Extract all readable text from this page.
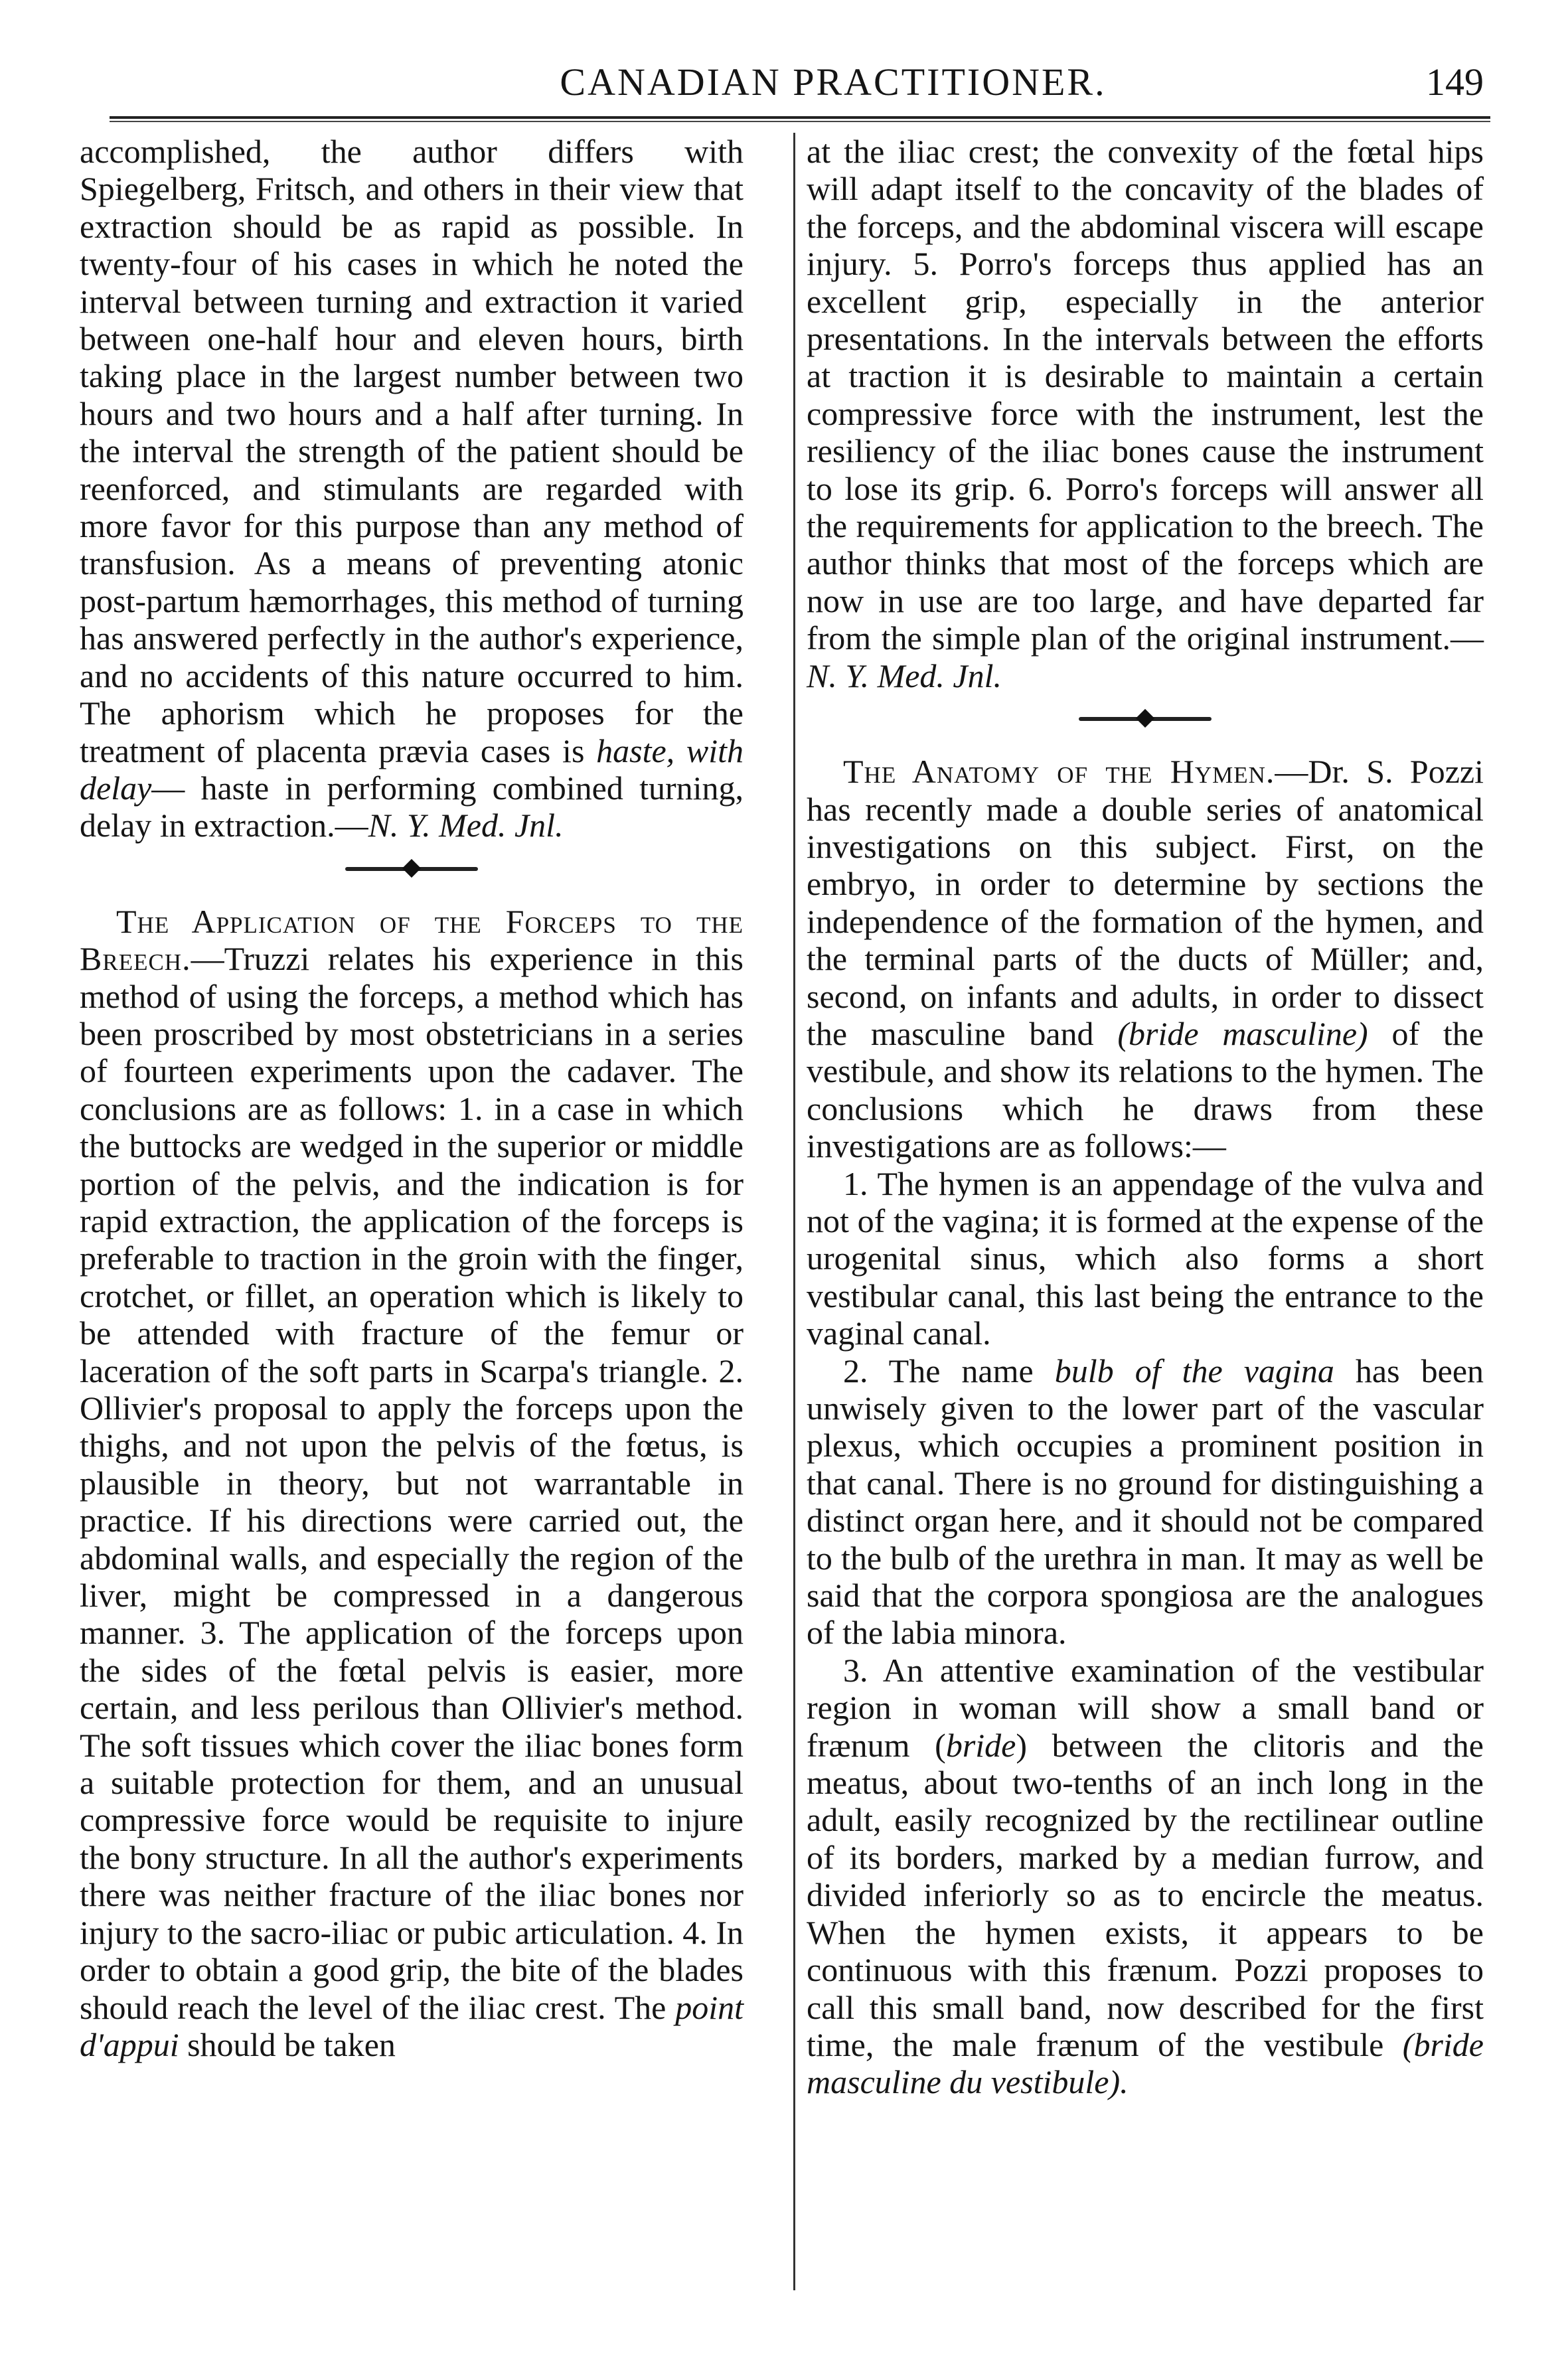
CANADIAN PRACTITIONER.	149

accomplished, the author differs with Spiegelberg, Fritsch, and others in their view that extraction should be as rapid as possible. In twenty-four of his cases in which he noted the interval between turning and extraction it varied between one-half hour and eleven hours, birth taking place in the largest number between two hours and two hours and a half after turning. In the interval the strength of the patient should be reenforced, and stimulants are regarded with more favor for this purpose than any method of transfusion. As a means of preventing atonic post-partum hæmorrhages, this method of turning has answered perfectly in the author's experience, and no accidents of this nature occurred to him. The aphorism which he proposes for the treatment of placenta prævia cases is haste, with delay— haste in performing combined turning, delay in extraction.—N. Y. Med. Jnl.

The Application of the Forceps to the Breech.—Truzzi relates his experience in this method of using the forceps, a method which has been proscribed by most obstetricians in a series of fourteen experiments upon the cadaver. The conclusions are as follows: 1. in a case in which the buttocks are wedged in the superior or middle portion of the pelvis, and the indication is for rapid extraction, the application of the forceps is preferable to traction in the groin with the finger, crotchet, or fillet, an operation which is likely to be attended with fracture of the femur or laceration of the soft parts in Scarpa's triangle. 2. Ollivier's proposal to apply the forceps upon the thighs, and not upon the pelvis of the fœtus, is plausible in theory, but not warrantable in practice. If his directions were carried out, the abdominal walls, and especially the region of the liver, might be compressed in a dangerous manner. 3. The application of the forceps upon the sides of the fœtal pelvis is easier, more certain, and less perilous than Ollivier's method. The soft tissues which cover the iliac bones form a suitable protection for them, and an unusual compressive force would be requisite to injure the bony structure. In all the author's experiments there was neither fracture of the iliac bones nor injury to the sacro-iliac or pubic articulation. 4. In order to obtain a good grip, the bite of the blades should reach the level of the iliac crest. The point d'appui should be taken

at the iliac crest; the convexity of the fœtal hips will adapt itself to the concavity of the blades of the forceps, and the abdominal viscera will escape injury. 5. Porro's forceps thus applied has an excellent grip, especially in the anterior presentations. In the intervals between the efforts at traction it is desirable to maintain a certain compressive force with the instrument, lest the resiliency of the iliac bones cause the instrument to lose its grip. 6. Porro's forceps will answer all the requirements for application to the breech. The author thinks that most of the forceps which are now in use are too large, and have departed far from the simple plan of the original instrument.—N. Y. Med. Jnl.

The Anatomy of the Hymen.—Dr. S. Pozzi has recently made a double series of anatomical investigations on this subject. First, on the embryo, in order to determine by sections the independence of the formation of the hymen, and the terminal parts of the ducts of Müller; and, second, on infants and adults, in order to dissect the masculine band (bride masculine) of the vestibule, and show its relations to the hymen. The conclusions which he draws from these investigations are as follows:—

1. The hymen is an appendage of the vulva and not of the vagina; it is formed at the expense of the urogenital sinus, which also forms a short vestibular canal, this last being the entrance to the vaginal canal.

2. The name bulb of the vagina has been unwisely given to the lower part of the vascular plexus, which occupies a prominent position in that canal. There is no ground for distinguishing a distinct organ here, and it should not be compared to the bulb of the urethra in man. It may as well be said that the corpora spongiosa are the analogues of the labia minora.

3. An attentive examination of the vestibular region in woman will show a small band or frænum (bride) between the clitoris and the meatus, about two-tenths of an inch long in the adult, easily recognized by the rectilinear outline of its borders, marked by a median furrow, and divided inferiorly so as to encircle the meatus. When the hymen exists, it appears to be continuous with this frænum. Pozzi proposes to call this small band, now described for the first time, the male frænum of the vestibule (bride masculine du vestibule).
